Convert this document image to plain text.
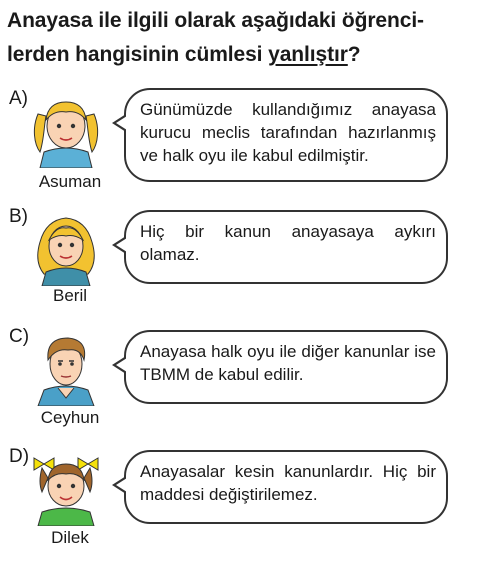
Anayasa ile ilgili olarak aşağıdaki öğrenci-
lerden hangisinin cümlesi yanlıştır?
A)
Asuman
Günümüzde kullandığımız anayasa kurucu meclis tarafından hazırlanmış ve halk oyu ile kabul edilmiştir.
B)
Beril
Hiç bir kanun anayasaya aykırı olamaz.
C)
Ceyhun
Anayasa halk oyu ile diğer kanunlar ise TBMM de kabul edilir.
D)
Dilek
Anayasalar kesin kanunlardır. Hiç bir maddesi değiştirilemez.
